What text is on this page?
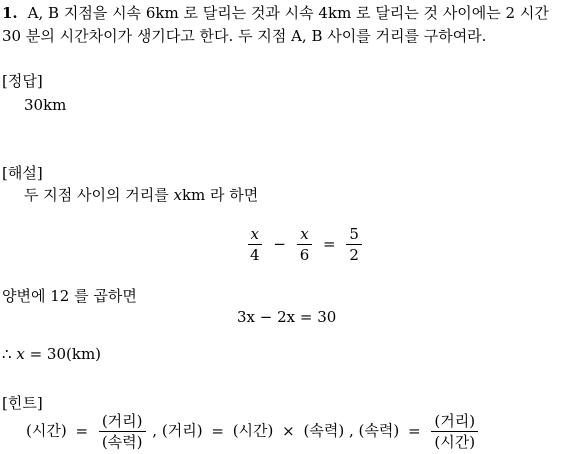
1. A, B 지점을 시속 6km 로 달리는 것과 시속 4km 로 달리는 것 사이에는 2 시간 30 분의 시간차이가 생기다고 한다. 두 지점 A, B 사이를 거리를 구하여라.
[정답]
30km
[해설]
두 지점 사이의 거리를 xkm 라 하면
$\frac{x}{4} - \frac{x}{6} = \frac{5}{2}$
양변에 12 를 곱하면
3x − 2x = 30
∴ x = 30(km)
[힌트]
(시간) = $\frac{\text{(거리)}}{\text{(속력)}}$ , (거리) = (시간) × (속력) , (속력) = $\frac{\text{(거리)}}{\text{(시간)}}$
